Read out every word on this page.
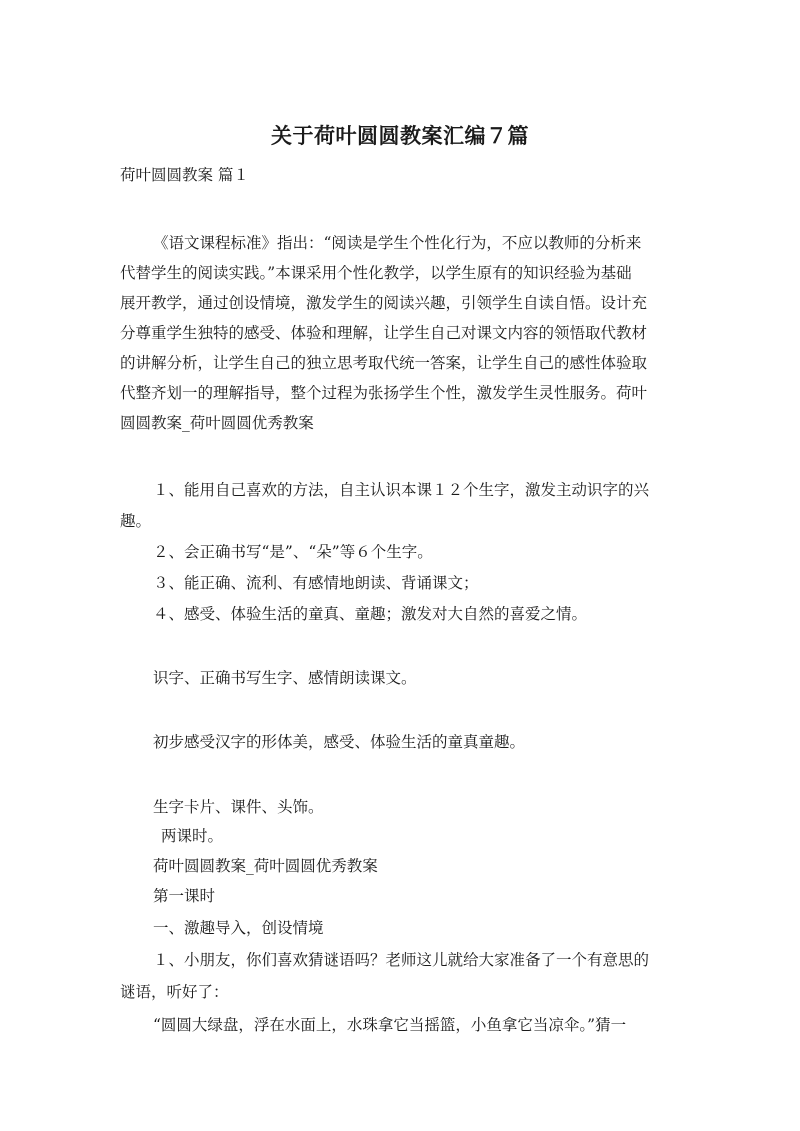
关于荷叶圆圆教案汇编７篇
荷叶圆圆教案 篇１
《语文课程标准》指出：“阅读是学生个性化行为，不应以教师的分析来
代替学生的阅读实践。”本课采用个性化教学，以学生原有的知识经验为基础
展开教学，通过创设情境，激发学生的阅读兴趣，引领学生自读自悟。设计充
分尊重学生独特的感受、体验和理解，让学生自己对课文内容的领悟取代教材
的讲解分析，让学生自己的独立思考取代统一答案，让学生自己的感性体验取
代整齐划一的理解指导，整个过程为张扬学生个性，激发学生灵性服务。荷叶
圆圆教案_荷叶圆圆优秀教案
１、能用自己喜欢的方法，自主认识本课１２个生字，激发主动识字的兴
趣。
２、会正确书写“是”、“朵”等６个生字。
３、能正确、流利、有感情地朗读、背诵课文；
４、感受、体验生活的童真、童趣；激发对大自然的喜爱之情。
识字、正确书写生字、感情朗读课文。
初步感受汉字的形体美，感受、体验生活的童真童趣。
生字卡片、课件、头饰。
两课时。
荷叶圆圆教案_荷叶圆圆优秀教案
第一课时
一、激趣导入，创设情境
１、小朋友，你们喜欢猜谜语吗？老师这儿就给大家准备了一个有意思的
谜语，听好了：
“圆圆大绿盘，浮在水面上，水珠拿它当摇篮，小鱼拿它当凉伞。”猜一
